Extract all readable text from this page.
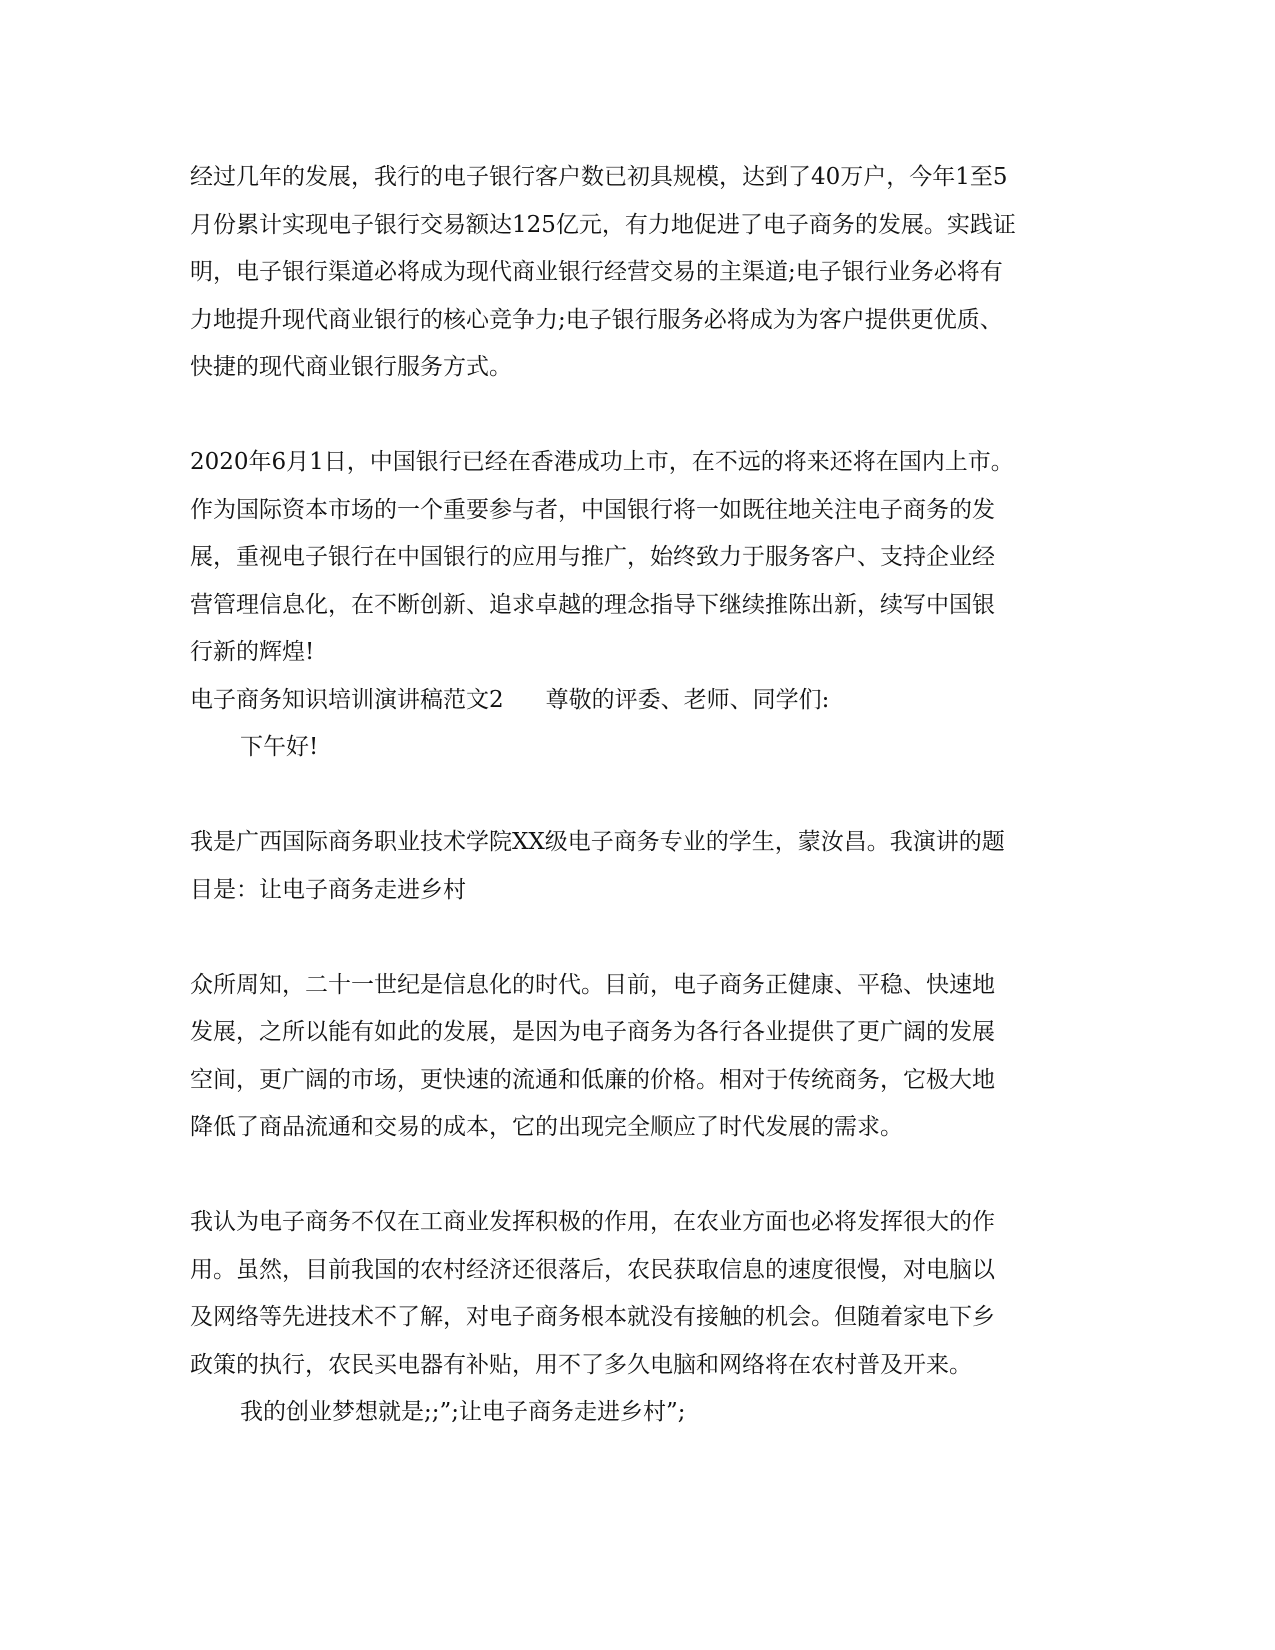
经过几年的发展，我行的电子银行客户数已初具规模，达到了40万户，今年1至5
月份累计实现电子银行交易额达125亿元，有力地促进了电子商务的发展。实践证
明，电子银行渠道必将成为现代商业银行经营交易的主渠道;电子银行业务必将有
力地提升现代商业银行的核心竞争力;电子银行服务必将成为为客户提供更优质、
快捷的现代商业银行服务方式。
2020年6月1日，中国银行已经在香港成功上市，在不远的将来还将在国内上市。
作为国际资本市场的一个重要参与者，中国银行将一如既往地关注电子商务的发
展，重视电子银行在中国银行的应用与推广，始终致力于服务客户、支持企业经
营管理信息化，在不断创新、追求卓越的理念指导下继续推陈出新，续写中国银
行新的辉煌!
电子商务知识培训演讲稿范文2 尊敬的评委、老师、同学们:
下午好!
我是广西国际商务职业技术学院XX级电子商务专业的学生，蒙汝昌。我演讲的题
目是：让电子商务走进乡村
众所周知，二十一世纪是信息化的时代。目前，电子商务正健康、平稳、快速地
发展，之所以能有如此的发展，是因为电子商务为各行各业提供了更广阔的发展
空间，更广阔的市场，更快速的流通和低廉的价格。相对于传统商务，它极大地
降低了商品流通和交易的成本，它的出现完全顺应了时代发展的需求。
我认为电子商务不仅在工商业发挥积极的作用，在农业方面也必将发挥很大的作
用。虽然，目前我国的农村经济还很落后，农民获取信息的速度很慢，对电脑以
及网络等先进技术不了解，对电子商务根本就没有接触的机会。但随着家电下乡
政策的执行，农民买电器有补贴，用不了多久电脑和网络将在农村普及开来。
我的创业梦想就是;;”;让电子商务走进乡村”;
